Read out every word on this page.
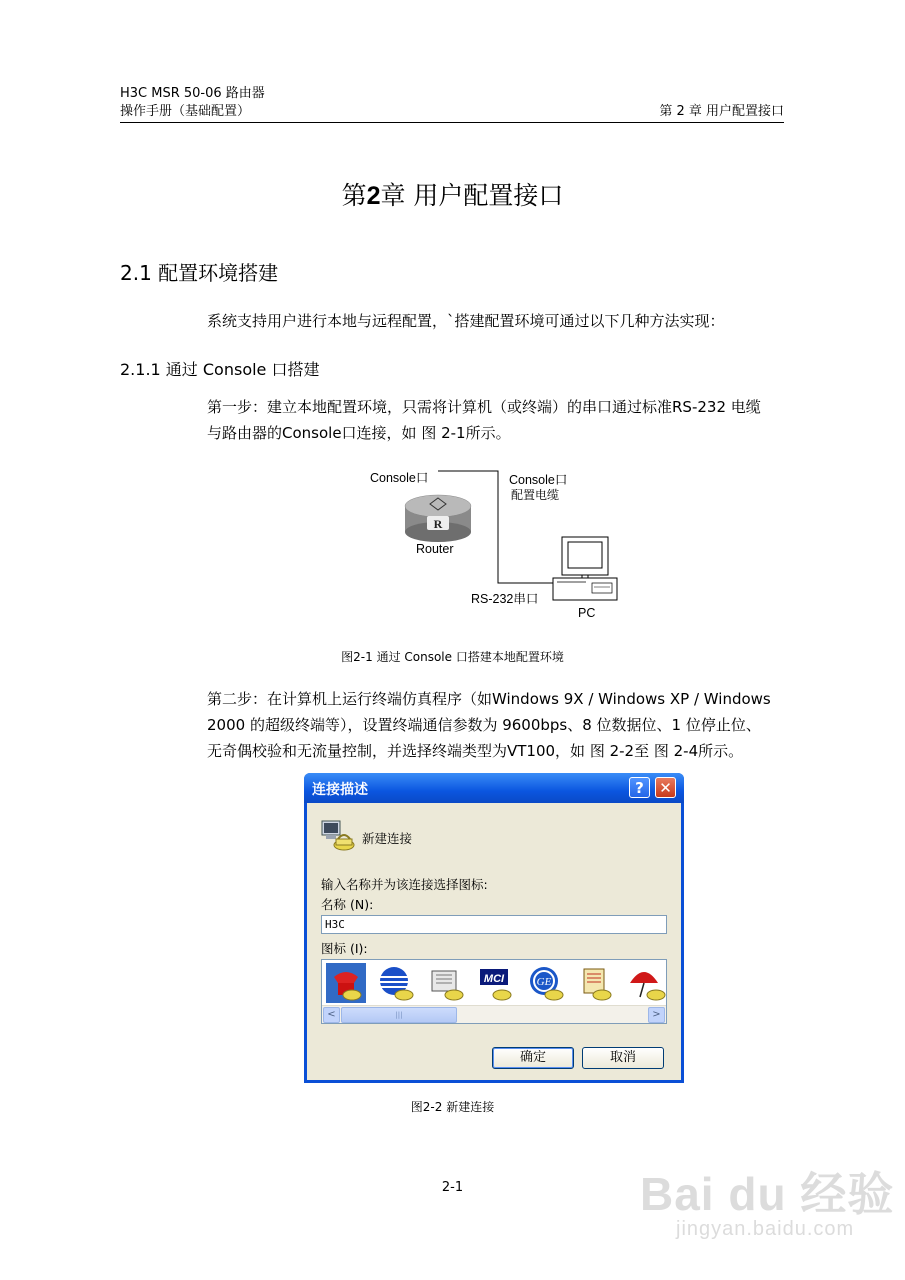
H3C MSR 50-06 路由器
操作手册（基础配置）	第 2 章 用户配置接口
第2章 用户配置接口
2.1 配置环境搭建
系统支持用户进行本地与远程配置，`搭建配置环境可通过以下几种方法实现：
2.1.1 通过 Console 口搭建
第一步：建立本地配置环境，只需将计算机（或终端）的串口通过标准RS-232 电缆
与路由器的Console口连接，如 图 2-1所示。
R
Console口	Console口
配置电缆
Router
RS-232串口
PC
图2-1 通过 Console 口搭建本地配置环境
第二步：在计算机上运行终端仿真程序（如Windows 9X / Windows XP / Windows
2000 的超级终端等），设置终端通信参数为 9600bps、8 位数据位、1 位停止位、
无奇偶校验和无流量控制，并选择终端类型为VT100，如 图 2-2至 图 2-4所示。
连接描述	?	✕
新建连接
输入名称并为该连接选择图标:
名称 (N):
H3C
图标 (I):
MCI	GE
<	|||	>
确定	取消
图2-2 新建连接
2-1	Bai du 经验
jingyan.baidu.com
